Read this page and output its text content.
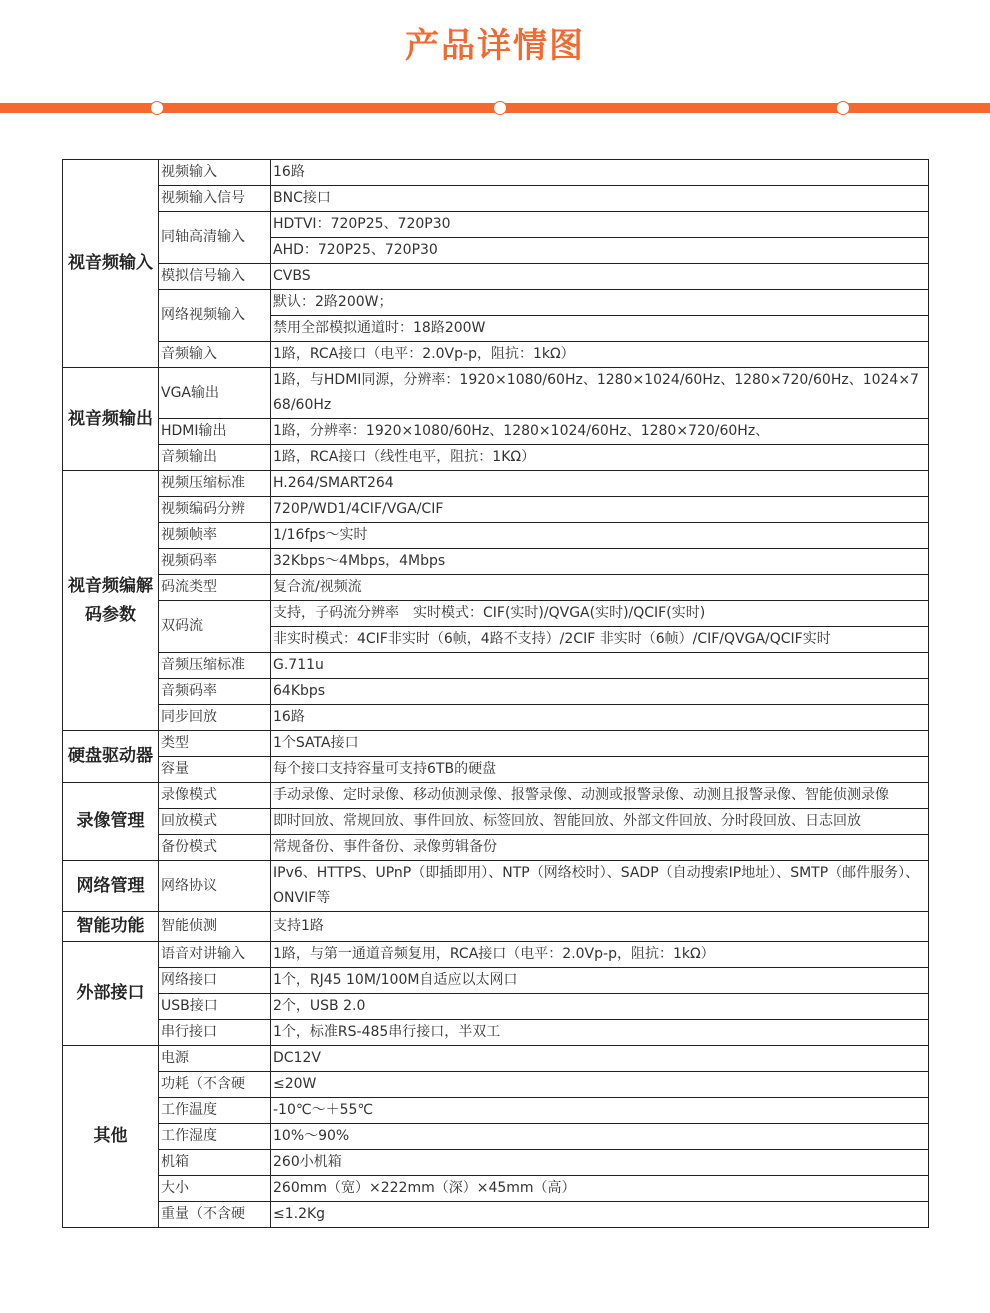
产品详情图
视音频输入	视频输入	16路
	视频输入信号	BNC接口
	同轴高清输入	HDTVI：720P25、720P30
		AHD：720P25、720P30
	模拟信号输入	CVBS
	网络视频输入	默认：2路200W；
		禁用全部模拟通道时：18路200W
	音频输入	1路，RCA接口（电平：2.0Vp-p，阻抗：1kΩ）
视音频输出	VGA输出	1路，与HDMI同源，分辨率：1920×1080/60Hz、1280×1024/60Hz、1280×720/60Hz、1024×768/60Hz
	HDMI输出	1路，分辨率：1920×1080/60Hz、1280×1024/60Hz、1280×720/60Hz、
	音频输出	1路，RCA接口（线性电平，阻抗：1KΩ）
视音频编解码参数	视频压缩标准	H.264/SMART264
	视频编码分辨	720P/WD1/4CIF/VGA/CIF
	视频帧率	1/16fps～实时
	视频码率	32Kbps～4Mbps，4Mbps
	码流类型	复合流/视频流
	双码流	支持，子码流分辨率　实时模式：CIF(实时)/QVGA(实时)/QCIF(实时)
		非实时模式：4CIF非实时（6帧，4路不支持）/2CIF 非实时（6帧）/CIF/QVGA/QCIF实时
	音频压缩标准	G.711u
	音频码率	64Kbps
	同步回放	16路
硬盘驱动器	类型	1个SATA接口
	容量	每个接口支持容量可支持6TB的硬盘
录像管理	录像模式	手动录像、定时录像、移动侦测录像、报警录像、动测或报警录像、动测且报警录像、智能侦测录像
	回放模式	即时回放、常规回放、事件回放、标签回放、智能回放、外部文件回放、分时段回放、日志回放
	备份模式	常规备份、事件备份、录像剪辑备份
网络管理	网络协议	IPv6、HTTPS、UPnP（即插即用）、NTP（网络校时）、SADP（自动搜索IP地址）、SMTP（邮件服务）、ONVIF等
智能功能	智能侦测	支持1路
外部接口	语音对讲输入	1路，与第一通道音频复用，RCA接口（电平：2.0Vp-p，阻抗：1kΩ）
	网络接口	1个，RJ45 10M/100M自适应以太网口
	USB接口	2个，USB 2.0
	串行接口	1个，标准RS-485串行接口，半双工
其他	电源	DC12V
	功耗（不含硬	≤20W
	工作温度	-10℃～＋55℃
	工作湿度	10%～90%
	机箱	260小机箱
	大小	260mm（宽）×222mm（深）×45mm（高）
	重量（不含硬	≤1.2Kg
